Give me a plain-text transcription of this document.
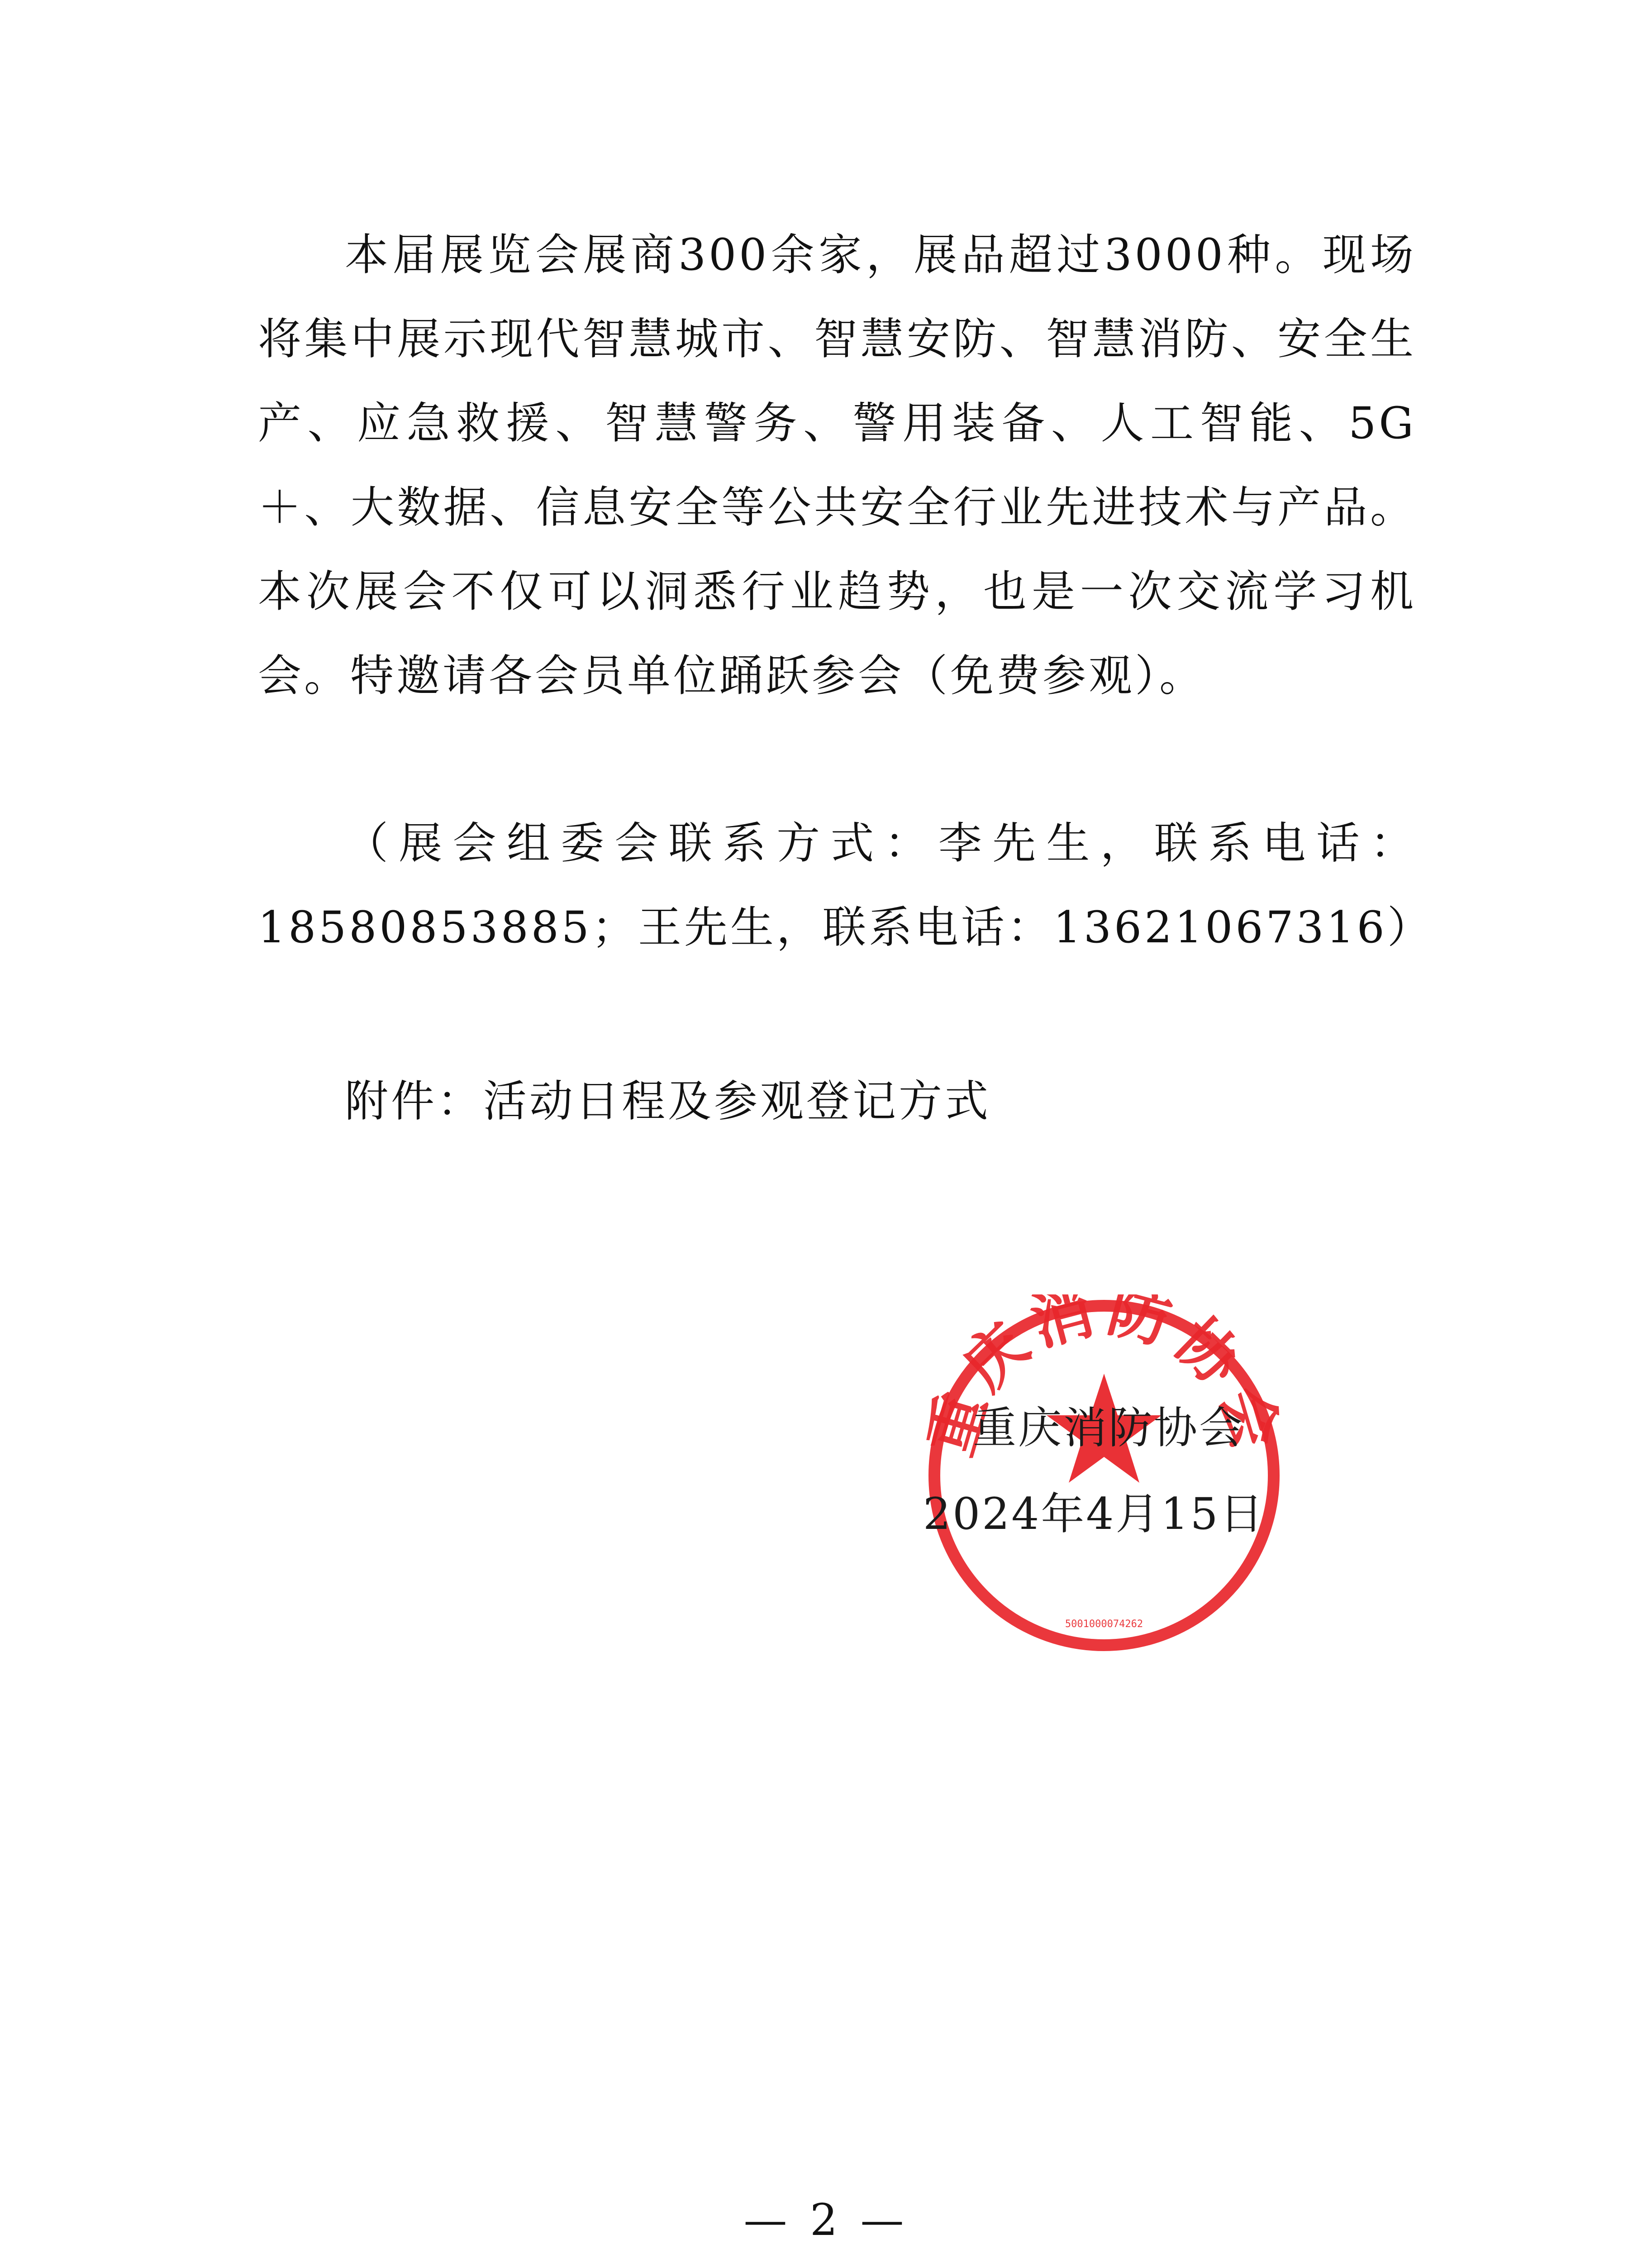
本届展览会展商300余家，展品超过3000种。现场将集中展示现代智慧城市、智慧安防、智慧消防、安全生产、应急救援、智慧警务、警用装备、人工智能、5G＋、大数据、信息安全等公共安全行业先进技术与产品。本次展会不仅可以洞悉行业趋势，也是一次交流学习机会。特邀请各会员单位踊跃参会（免费参观）。

（展会组委会联系方式：李先生，联系电话：18580853885；王先生，联系电话：13621067316）

附件：活动日程及参观登记方式

重庆消防协会
5001000074262
重庆消防协会
2024年4月15日
— 2 —
